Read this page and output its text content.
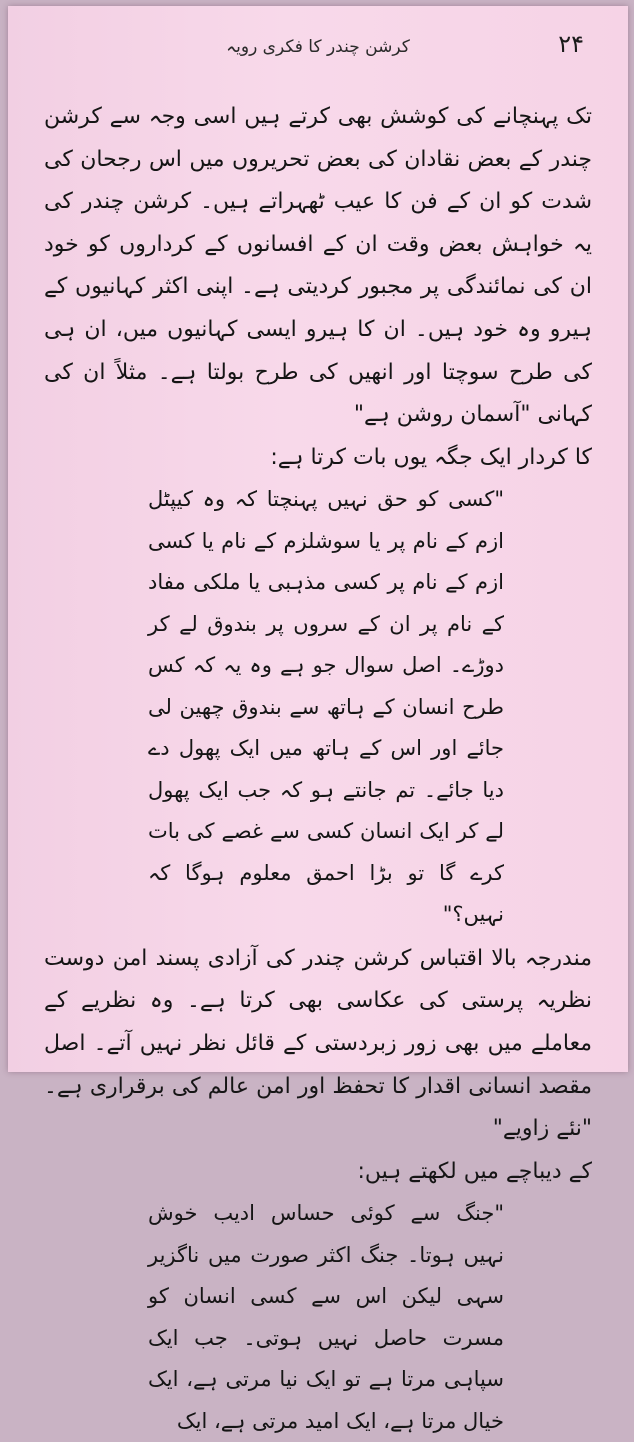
۲۴
کرشن چندر کا فکری رویہ

تک پہنچانے کی کوشش بھی کرتے ہیں اسی وجہ سے کرشن چندر کے بعض نقادان کی بعض تحریروں میں اس رجحان کی شدت کو ان کے فن کا عیب ٹھہراتے ہیں۔ کرشن چندر کی یہ خواہش بعض وقت ان کے افسانوں کے کرداروں کو خود ان کی نمائندگی پر مجبور کردیتی ہے۔ اپنی اکثر کہانیوں کے ہیرو وہ خود ہیں۔ ان کا ہیرو ایسی کہانیوں میں، ان ہی کی طرح سوچتا اور انھیں کی طرح بولتا ہے۔ مثلاً ان کی کہانی "آسمان روشن ہے"

کا کردار ایک جگہ یوں بات کرتا ہے:

"کسی کو حق نہیں پہنچتا کہ وہ کیپٹل ازم کے نام پر یا سوشلزم کے نام یا کسی ازم کے نام پر کسی مذہبی یا ملکی مفاد کے نام پر ان کے سروں پر بندوق لے کر دوڑے۔ اصل سوال جو ہے وہ یہ کہ کس طرح انسان کے ہاتھ سے بندوق چھین لی جائے اور اس کے ہاتھ میں ایک پھول دے دیا جائے۔ تم جانتے ہو کہ جب ایک پھول لے کر ایک انسان کسی سے غصے کی بات کرے گا تو بڑا احمق معلوم ہوگا کہ نہیں؟"

مندرجہ بالا اقتباس کرشن چندر کی آزادی پسند امن دوست نظریہ پرستی کی عکاسی بھی کرتا ہے۔ وہ نظریے کے معاملے میں بھی زور زبردستی کے قائل نظر نہیں آتے۔ اصل مقصد انسانی اقدار کا تحفظ اور امن عالم کی برقراری ہے۔ "نئے زاویے"

کے دیباچے میں لکھتے ہیں:

"جنگ سے کوئی حساس ادیب خوش نہیں ہوتا۔ جنگ اکثر صورت میں ناگزیر سہی لیکن اس سے کسی انسان کو مسرت حاصل نہیں ہوتی۔ جب ایک سپاہی مرتا ہے تو ایک نیا مرتی ہے، ایک خیال مرتا ہے، ایک امید مرتی ہے، ایک
